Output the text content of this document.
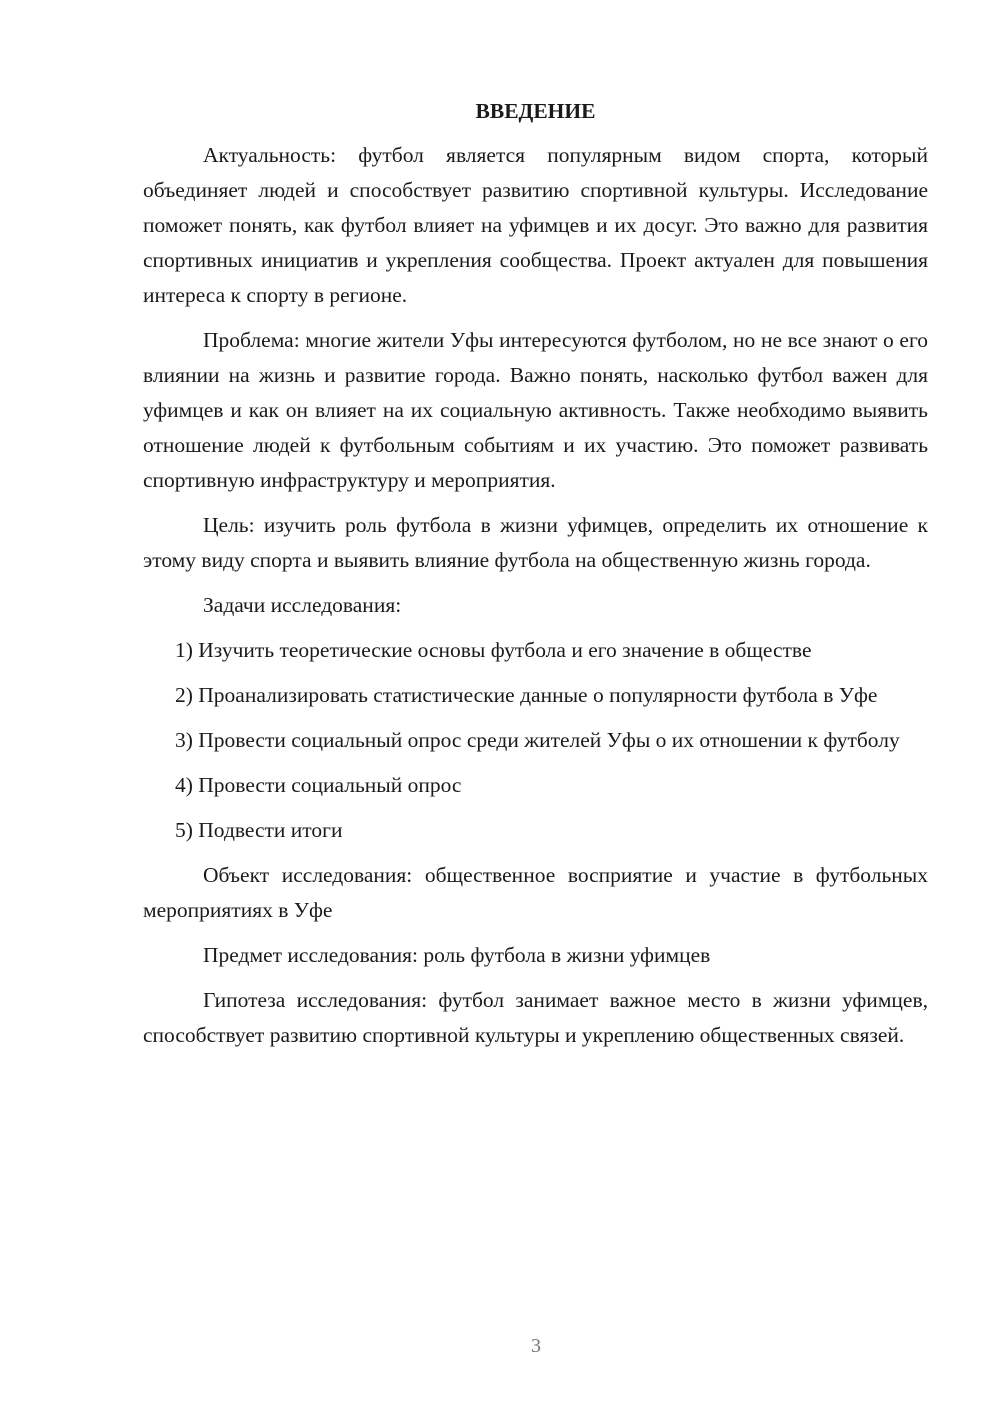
ВВЕДЕНИЕ

Актуальность: футбол является популярным видом спорта, который объединяет людей и способствует развитию спортивной культуры. Исследование поможет понять, как футбол влияет на уфимцев и их досуг. Это важно для развития спортивных инициатив и укрепления сообщества. Проект актуален для повышения интереса к спорту в регионе.

Проблема: многие жители Уфы интересуются футболом, но не все знают о его влиянии на жизнь и развитие города. Важно понять, насколько футбол важен для уфимцев и как он влияет на их социальную активность. Также необходимо выявить отношение людей к футбольным событиям и их участию. Это поможет развивать спортивную инфраструктуру и мероприятия.

Цель: изучить роль футбола в жизни уфимцев, определить их отношение к этому виду спорта и выявить влияние футбола на общественную жизнь города.

Задачи исследования:

1) Изучить теоретические основы футбола и его значение в обществе

2) Проанализировать статистические данные о популярности футбола в Уфе

3) Провести социальный опрос среди жителей Уфы о их отношении к футболу

4) Провести социальный опрос

5) Подвести итоги

Объект исследования: общественное восприятие и участие в футбольных мероприятиях в Уфе

Предмет исследования: роль футбола в жизни уфимцев

Гипотеза исследования: футбол занимает важное место в жизни уфимцев, способствует развитию спортивной культуры и укреплению общественных связей.

3
